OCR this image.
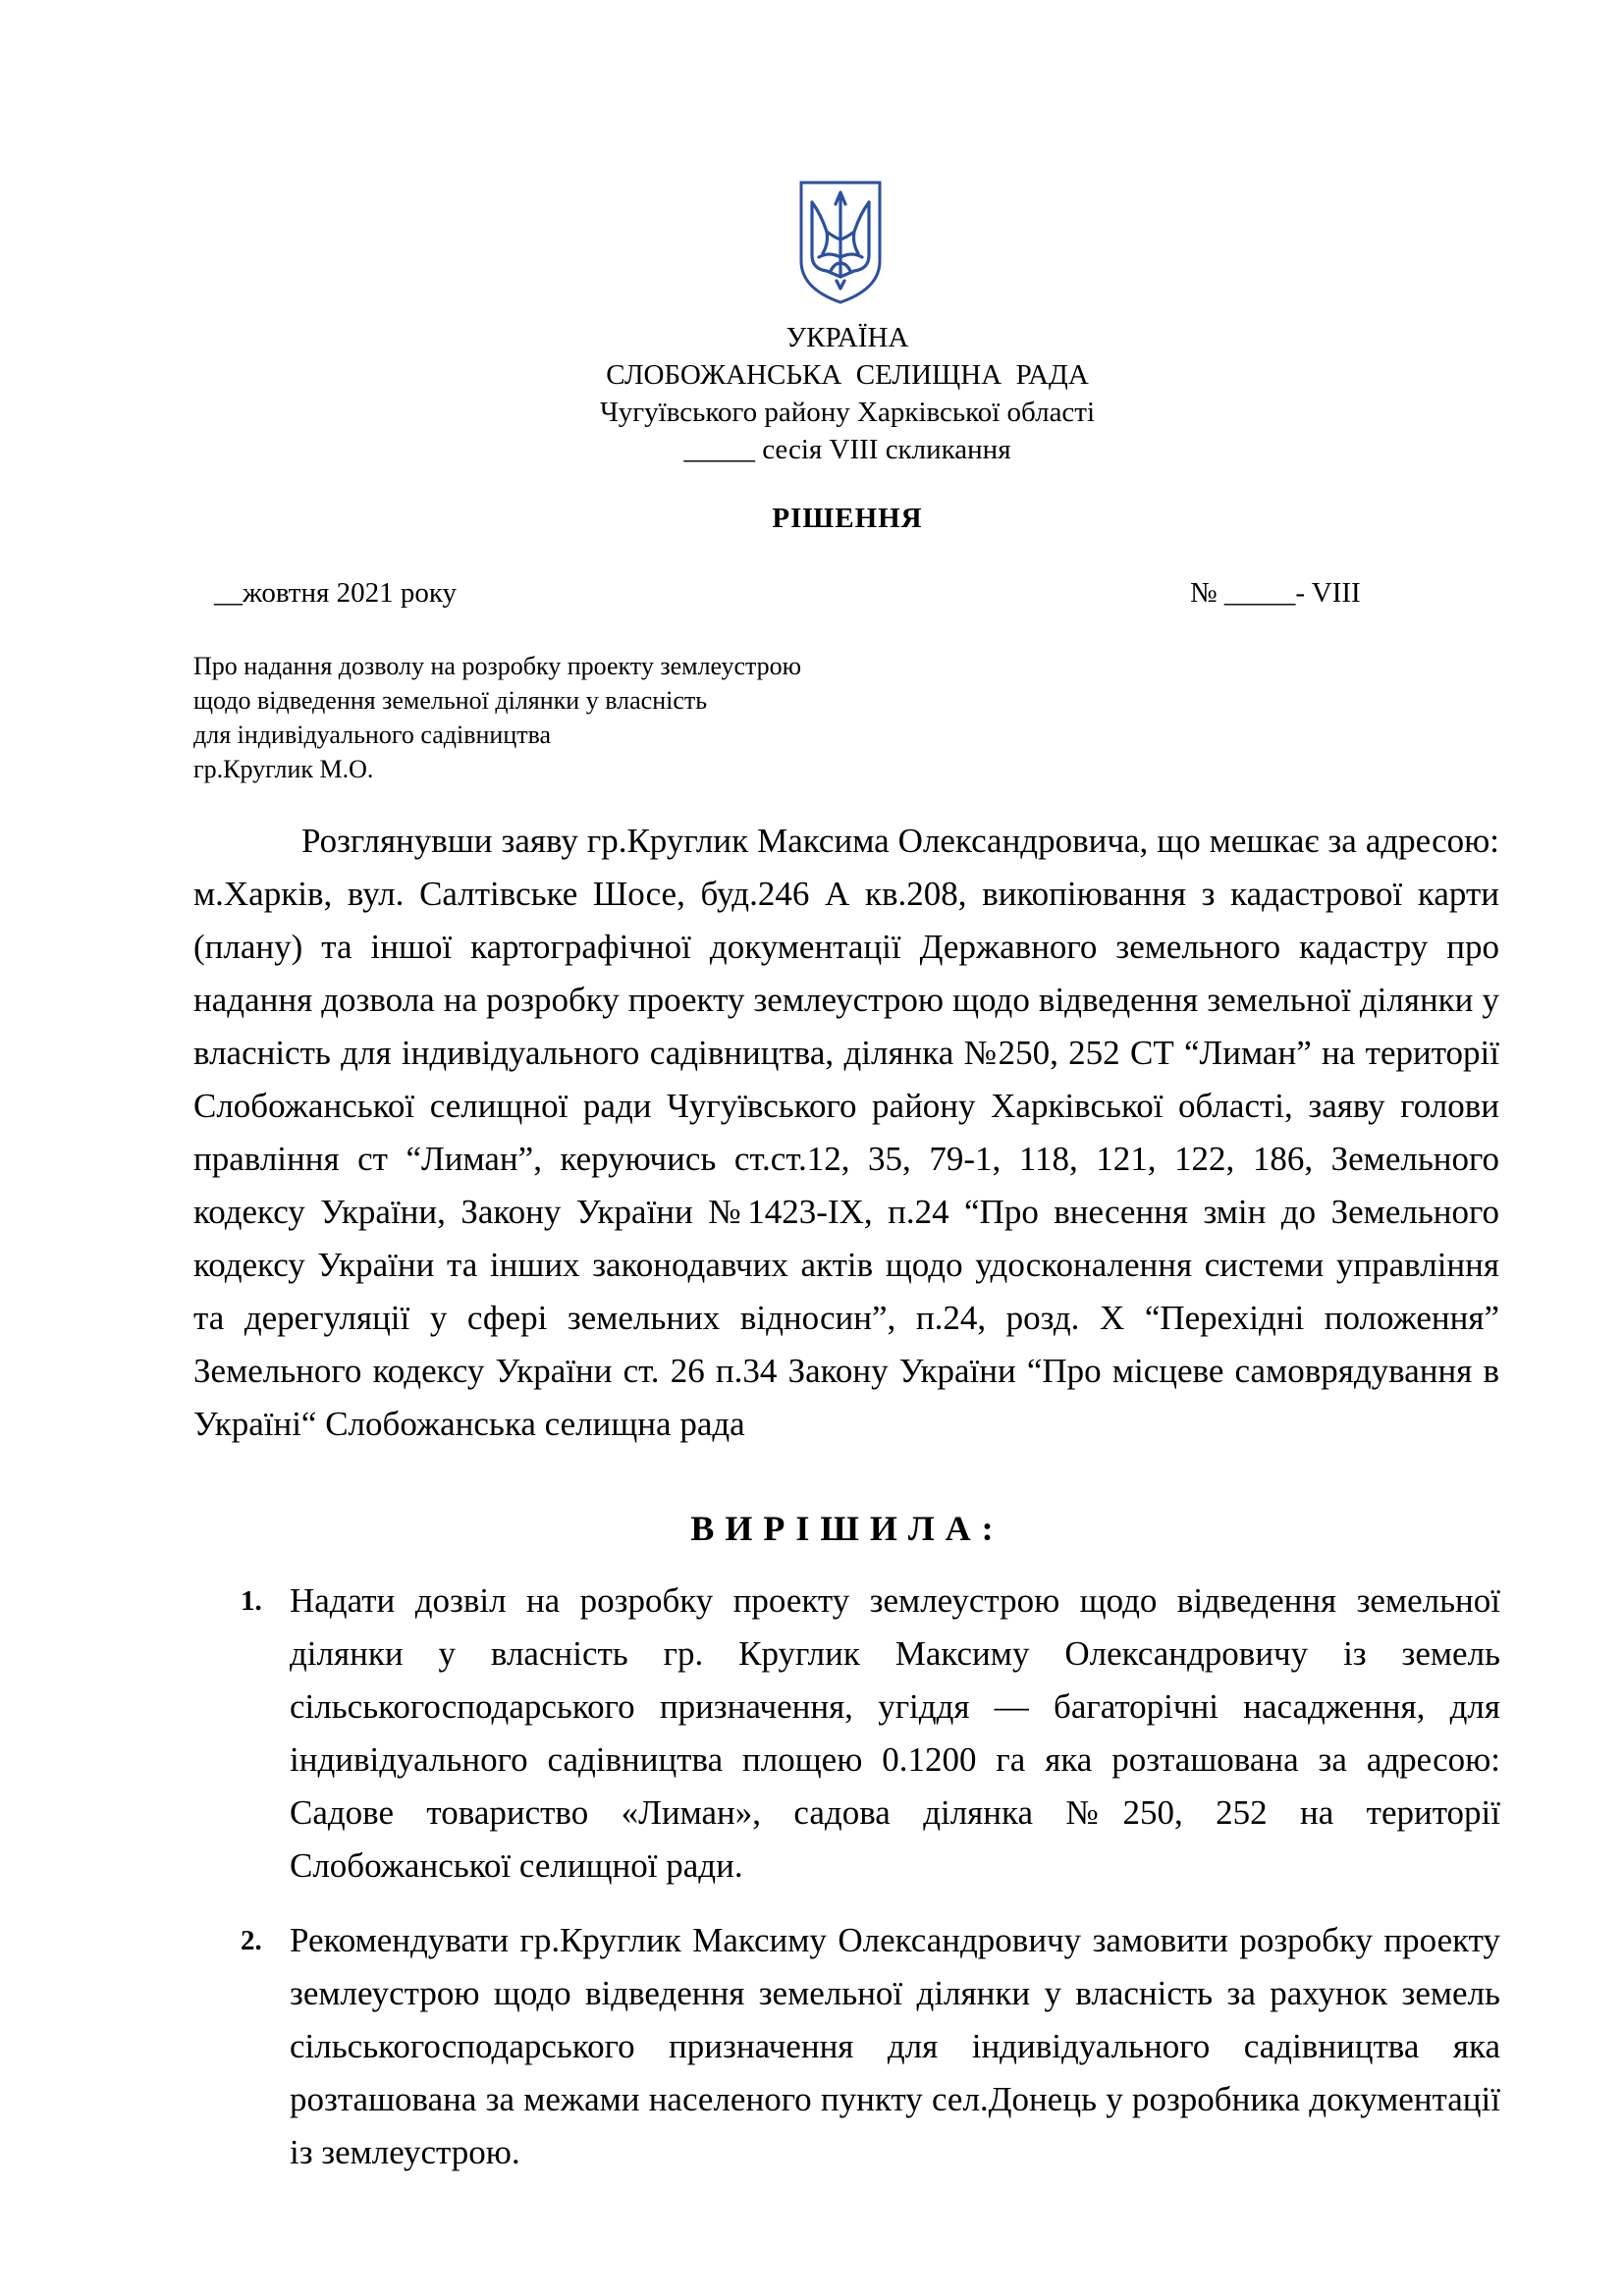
УКРАЇНА
СЛОБОЖАНСЬКА  СЕЛИЩНА  РАДА
Чугуївського району Харківської області
_____ сесія VIII скликання
РІШЕННЯ
__жовтня 2021 року	№ _____- VIII
Про надання дозволу на розробку проекту землеустрою
щодо відведення земельної ділянки у власність
для індивідуального садівництва
гр.Круглик М.О.
Розглянувши заяву гр.Круглик Максима Олександровича, що мешкає за адресою: м.Харків, вул. Салтівське Шосе, буд.246 А кв.208, викопіювання з кадастрової карти (плану) та іншої картографічної документації Державного земельного кадастру про надання дозвола на розробку проекту землеустрою щодо відведення земельної ділянки у власність для індивідуального садівництва, ділянка №250, 252 СТ “Лиман” на території Слобожанської селищної ради Чугуївського району Харківської області, заяву голови правління ст “Лиман”, керуючись ст.ст.12, 35, 79-1, 118, 121, 122, 186, Земельного кодексу України, Закону України №1423-ІХ, п.24 “Про внесення змін до Земельного кодексу України та інших законодавчих актів щодо удосконалення системи управління та дерегуляції у сфері земельних відносин”, п.24, розд. Х “Перехідні положення” Земельного кодексу України ст. 26 п.34 Закону України “Про місцеве самоврядування в Україні“ Слобожанська селищна рада
ВИРІШИЛА:
1. Надати дозвіл на розробку проекту землеустрою щодо відведення земельної ділянки у власність гр. Круглик Максиму Олександровичу із земель сільськогосподарського призначення, угіддя — багаторічні насадження, для індивідуального садівництва площею 0.1200 га яка розташована за адресою: Садове товариство «Лиман», садова ділянка №250, 252 на території Слобожанської селищної ради.
2. Рекомендувати гр.Круглик Максиму Олександровичу замовити розробку проекту землеустрою щодо відведення земельної ділянки у власність за рахунок земель сільськогосподарського призначення для індивідуального садівництва яка розташована за межами населеного пункту сел.Донець у розробника документації із землеустрою.
